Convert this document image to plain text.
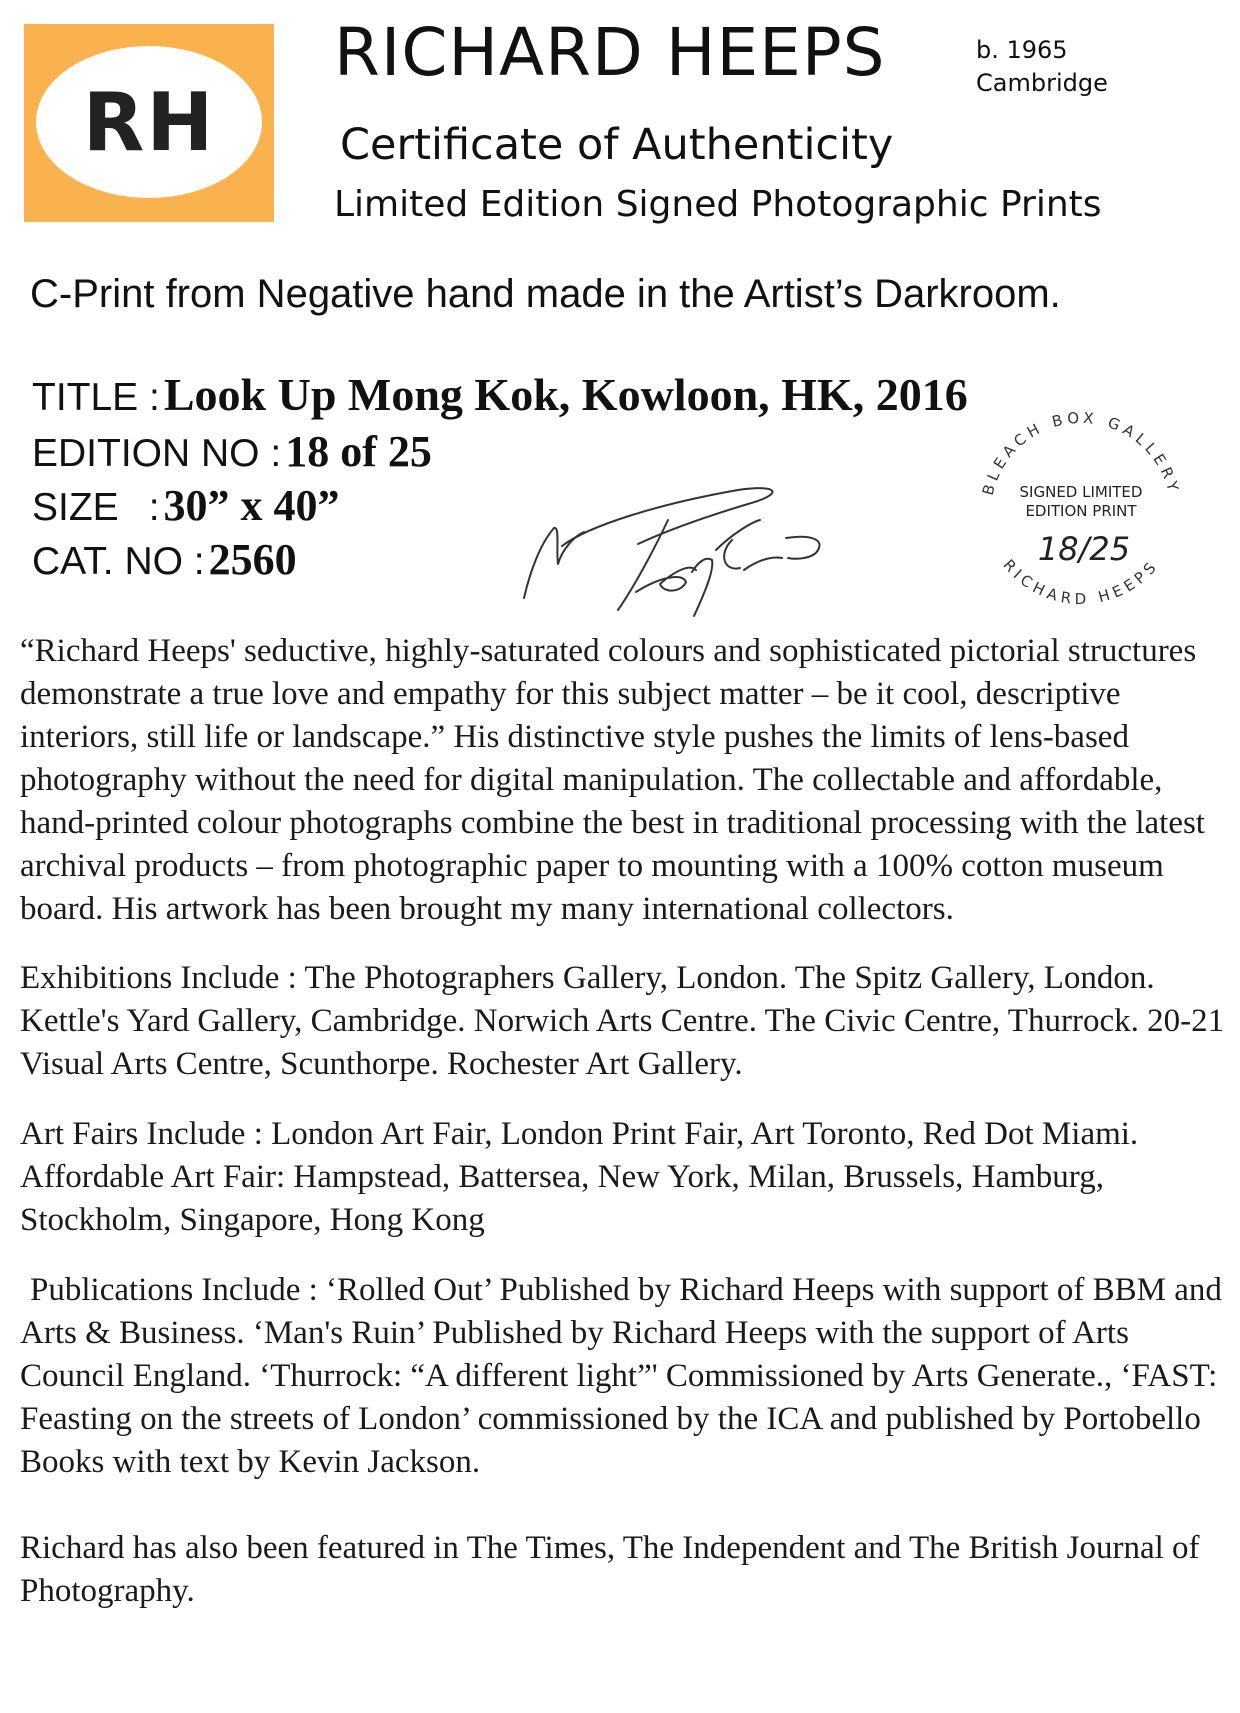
RH
RICHARD HEEPS	b. 1965
Cambridge
Certificate of Authenticity
Limited Edition Signed Photographic Prints
C-Print from Negative hand made in the Artist’s Darkroom.
TITLE : Look Up Mong Kok, Kowloon, HK, 2016
EDITION NO : 18 of 25
SIZE : 30” x 40”
CAT. NO : 2560
BLEACH BOX GALLERY
RICHARD HEEPS
SIGNED LIMITED
EDITION PRINT
18/25

“Richard Heeps' seductive, highly-saturated colours and sophisticated pictorial structures demonstrate a true love and empathy for this subject matter – be it cool, descriptive interiors, still life or landscape.” His distinctive style pushes the limits of lens-based photography without the need for digital manipulation. The collectable and affordable, hand-printed colour photographs combine the best in traditional processing with the latest archival products – from photographic paper to mounting with a 100% cotton museum board. His artwork has been brought my many international collectors.

Exhibitions Include : The Photographers Gallery, London. The Spitz Gallery, London. Kettle's Yard Gallery, Cambridge. Norwich Arts Centre. The Civic Centre, Thurrock. 20-21 Visual Arts Centre, Scunthorpe. Rochester Art Gallery.

Art Fairs Include : London Art Fair, London Print Fair, Art Toronto, Red Dot Miami. Affordable Art Fair: Hampstead, Battersea, New York, Milan, Brussels, Hamburg, Stockholm, Singapore, Hong Kong

Publications Include : ‘Rolled Out’ Published by Richard Heeps with support of BBM and Arts & Business. ‘Man's Ruin’ Published by Richard Heeps with the support of Arts Council England. ‘Thurrock: “A different light”' Commissioned by Arts Generate., ‘FAST: Feasting on the streets of London’ commissioned by the ICA and published by Portobello Books with text by Kevin Jackson.

Richard has also been featured in The Times, The Independent and The British Journal of Photography.
